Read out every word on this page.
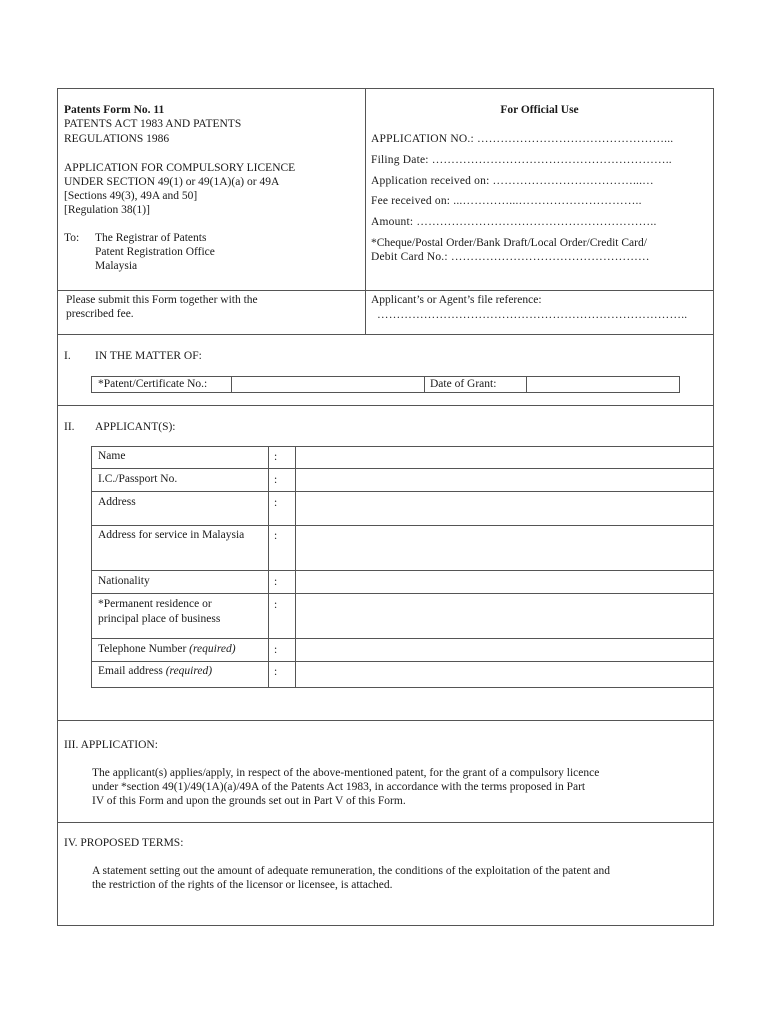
Patents Form No. 11
PATENTS ACT 1983 AND PATENTS
REGULATIONS 1986
APPLICATION FOR COMPULSORY LICENCE
UNDER SECTION 49(1) or 49(1A)(a) or 49A
[Sections 49(3), 49A and 50]
[Regulation 38(1)]
To: The Registrar of Patents
Patent Registration Office
Malaysia
Please submit this Form together with the
prescribed fee.
For Official Use
APPLICATION NO.: …………………………………………...
Filing Date: ……………………………………………………..
Application received on: ………………………………...…
Fee received on: ...…………...…………………………..
Amount: ……………………………………………………..
*Cheque/Postal Order/Bank Draft/Local Order/Credit Card/
Debit Card No.: ……………………………………………
Applicant’s or Agent’s file reference:
……………………………………………………………………..
I. IN THE MATTER OF:
*Patent/Certificate No.:	Date of Grant:
II. APPLICANT(S):
Name	:
I.C./Passport No.	:
Address	:
Address for service in Malaysia	:
Nationality	:
*Permanent residence or principal place of business
:
Telephone Number (required)	:
Email address (required)	:
III. APPLICATION:
The applicant(s) applies/apply, in respect of the above-mentioned patent, for the grant of a compulsory licence
under *section 49(1)/49(1A)(a)/49A of the Patents Act 1983, in accordance with the terms proposed in Part
IV of this Form and upon the grounds set out in Part V of this Form.
IV. PROPOSED TERMS:
A statement setting out the amount of adequate remuneration, the conditions of the exploitation of the patent and
the restriction of the rights of the licensor or licensee, is attached.
